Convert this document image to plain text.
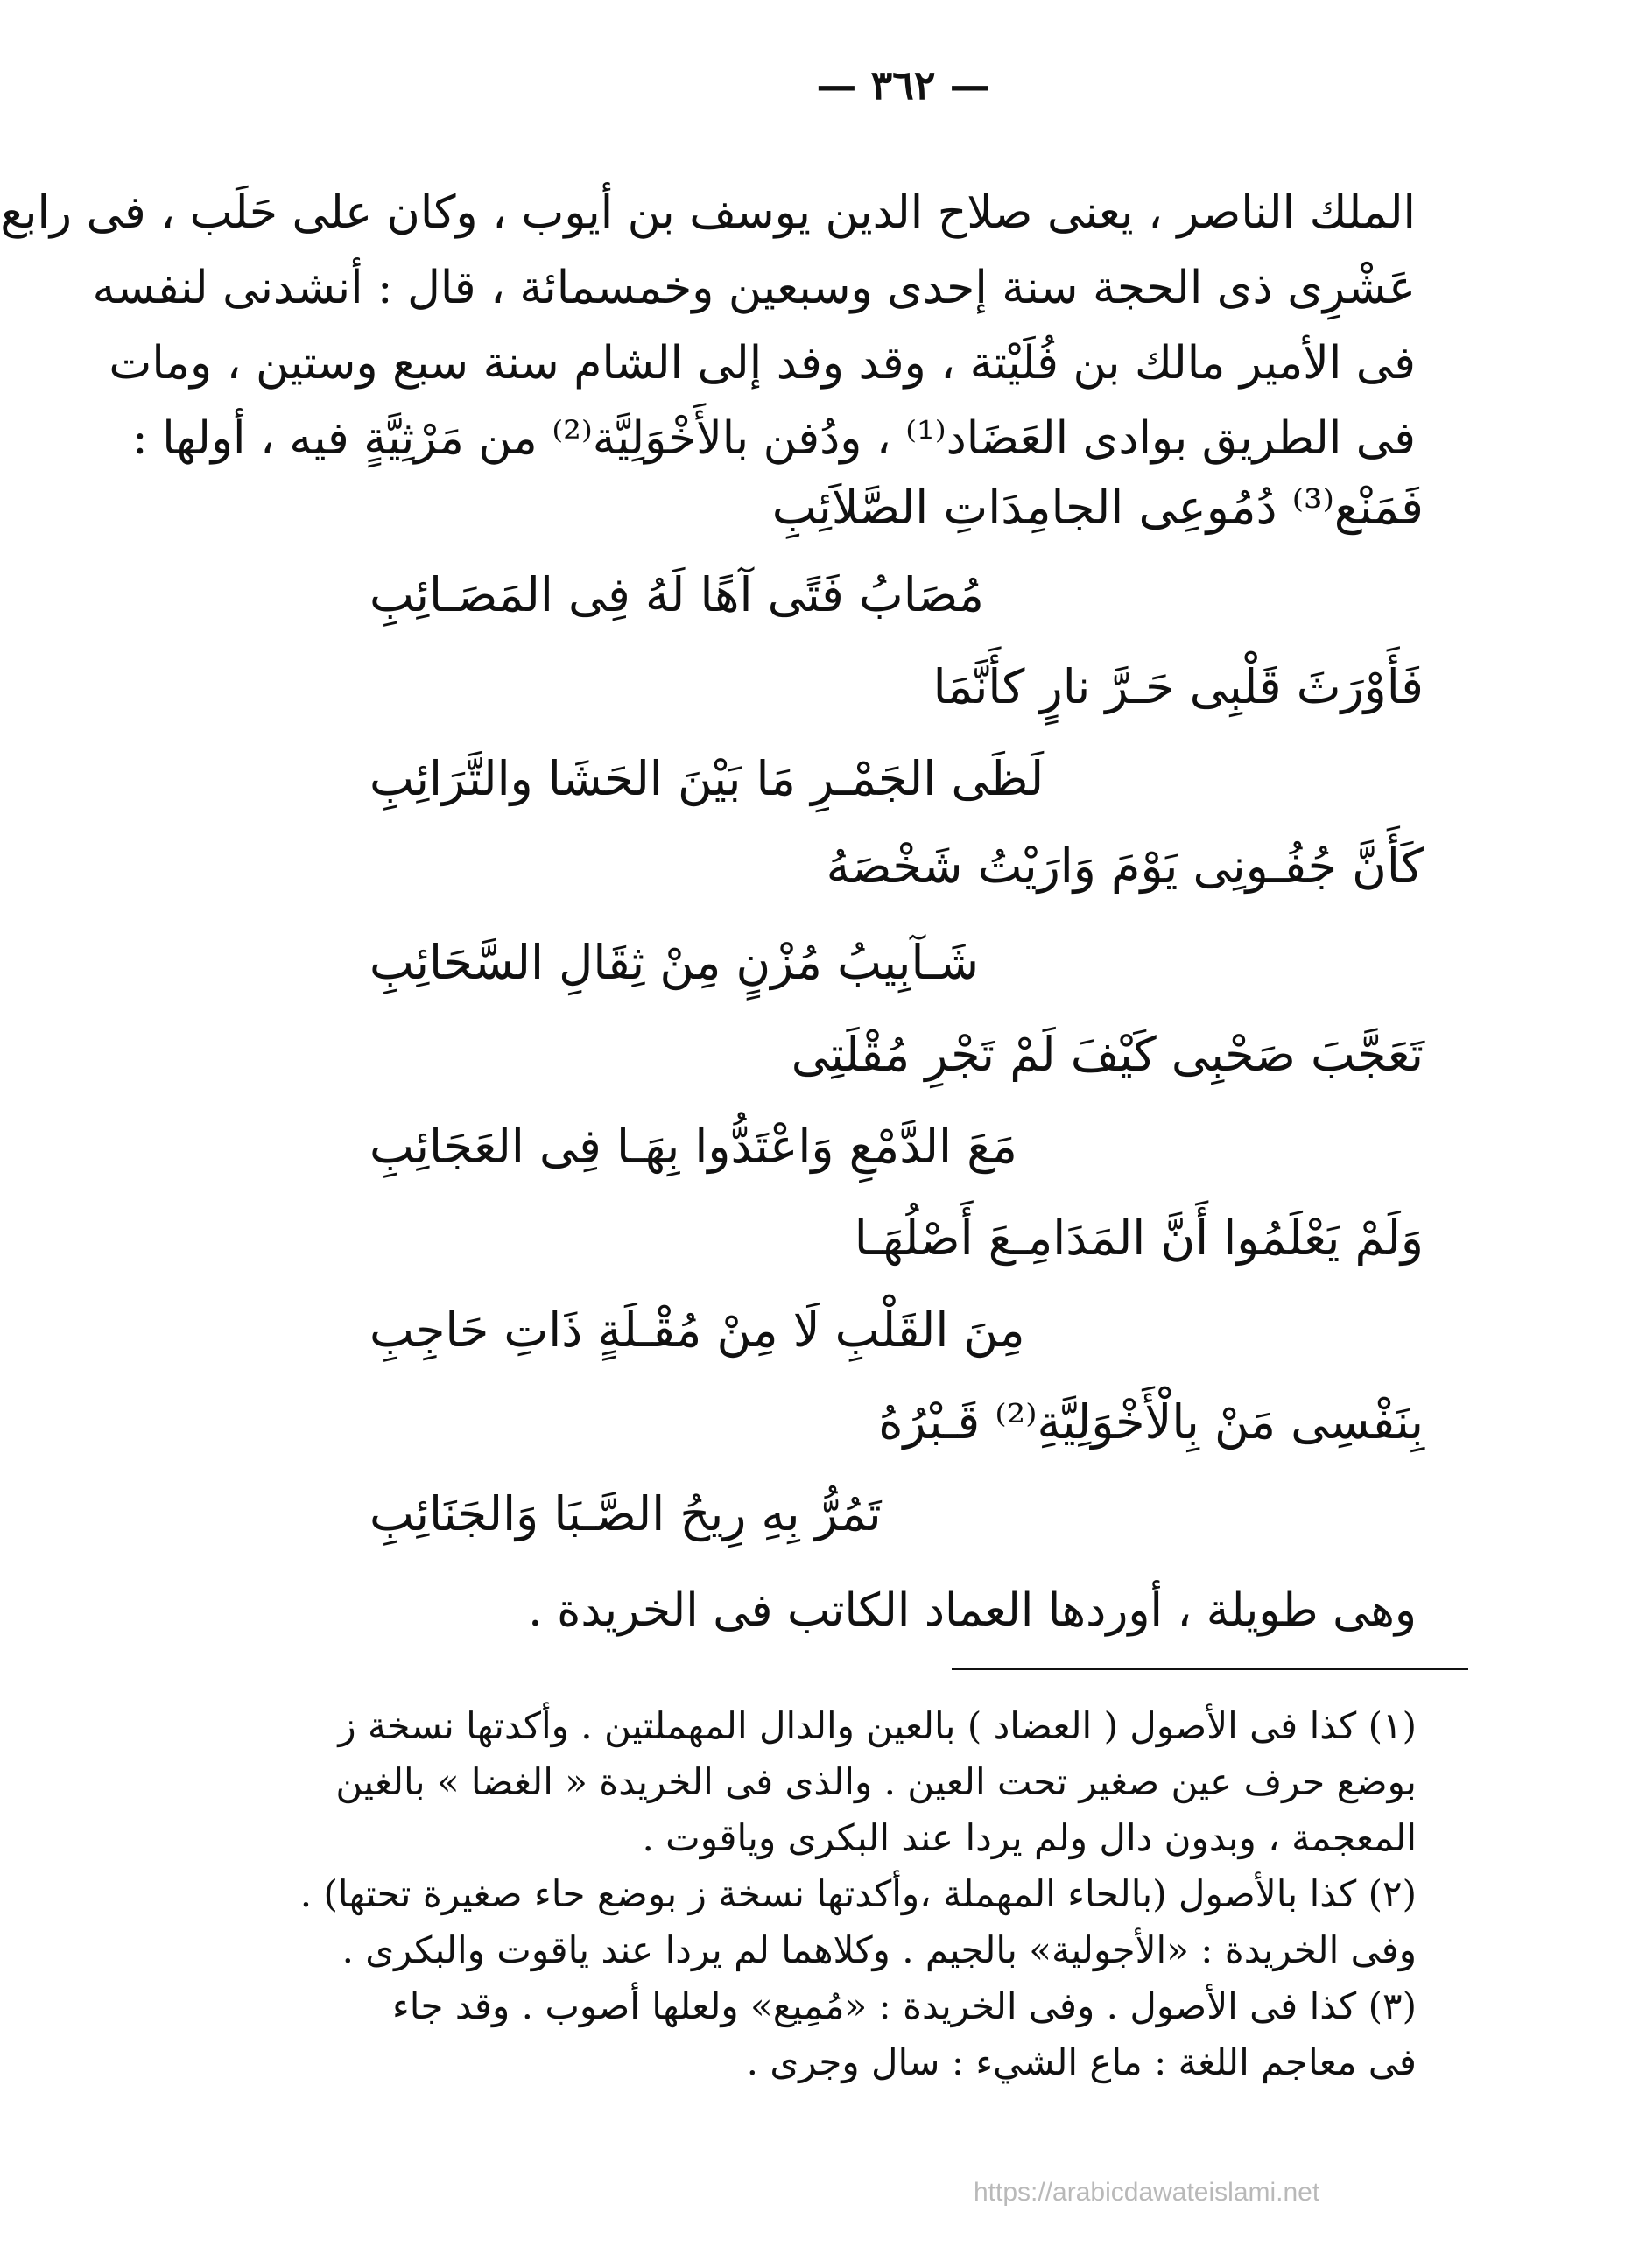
— ٣٦٢ —
الملك الناصر ، يعنى صلاح الدين يوسف بن أيوب ، وكان على حَلَب ، فى رابع
عَشْرِى ذى الحجة سنة إحدى وسبعين وخمسمائة ، قال : أنشدنى لنفسه
فى الأمير مالك بن فُلَيْتة ، وقد وفد إلى الشام سنة سبع وستين ، ومات
فى الطريق بوادى العَضَاد⁽¹⁾ ، ودُفن بالأَخْوَلِيَّة⁽²⁾ من مَرْثِيَّةٍ فيه ، أولها :
فَمَنْع⁽³⁾ دُمُوعِى الجامِدَاتِ الصَّلاَئِبِ
مُصَابُ فَتًى آهًا لَهُ فِى المَصَـائِبِ
فَأَوْرَثَ قَلْبِى حَـرَّ نارٍ كأَنَّمَا
لَظَى الجَمْـرِ مَا بَيْنَ الحَشَا والتَّرَائِبِ
كَأَنَّ جُفُـونِى يَوْمَ وَارَيْتُ شَخْصَهُ
شَـآبِيبُ مُزْنٍ مِنْ ثِقَالِ السَّحَائِبِ
تَعَجَّبَ صَحْبِى كَيْفَ لَمْ تَجْرِ مُقْلَتِى
مَعَ الدَّمْعِ وَاعْتَدُّوا بِهَـا فِى العَجَائِبِ
وَلَمْ يَعْلَمُوا أَنَّ المَدَامِـعَ أَصْلُهَـا
مِنَ القَلْبِ لَا مِنْ مُقْـلَةٍ ذَاتِ حَاجِبِ
بِنَفْسِى مَنْ بِالْأَخْوَلِيَّةِ⁽²⁾ قَـبْرُهُ
تَمُرُّ بِهِ رِيحُ الصَّـبَا وَالجَنَائِبِ
وهى طويلة ، أوردها العماد الكاتب فى الخريدة .
(١) كذا فى الأصول ( العضاد ) بالعين والدال المهملتين . وأكدتها نسخة ز
بوضع حرف عين صغير تحت العين . والذى فى الخريدة « الغضا » بالغين
المعجمة ، وبدون دال ولم يردا عند البكرى وياقوت .
(٢) كذا بالأصول (بالحاء المهملة ،وأكدتها نسخة ز بوضع حاء صغيرة تحتها) .
وفى الخريدة : «الأجولية» بالجيم . وكلاهما لم يردا عند ياقوت والبكرى .
(٣) كذا فى الأصول . وفى الخريدة : «مُمِيع» ولعلها أصوب . وقد جاء
فى معاجم اللغة : ماع الشيء : سال وجرى .
https://arabicdawateislami.net
